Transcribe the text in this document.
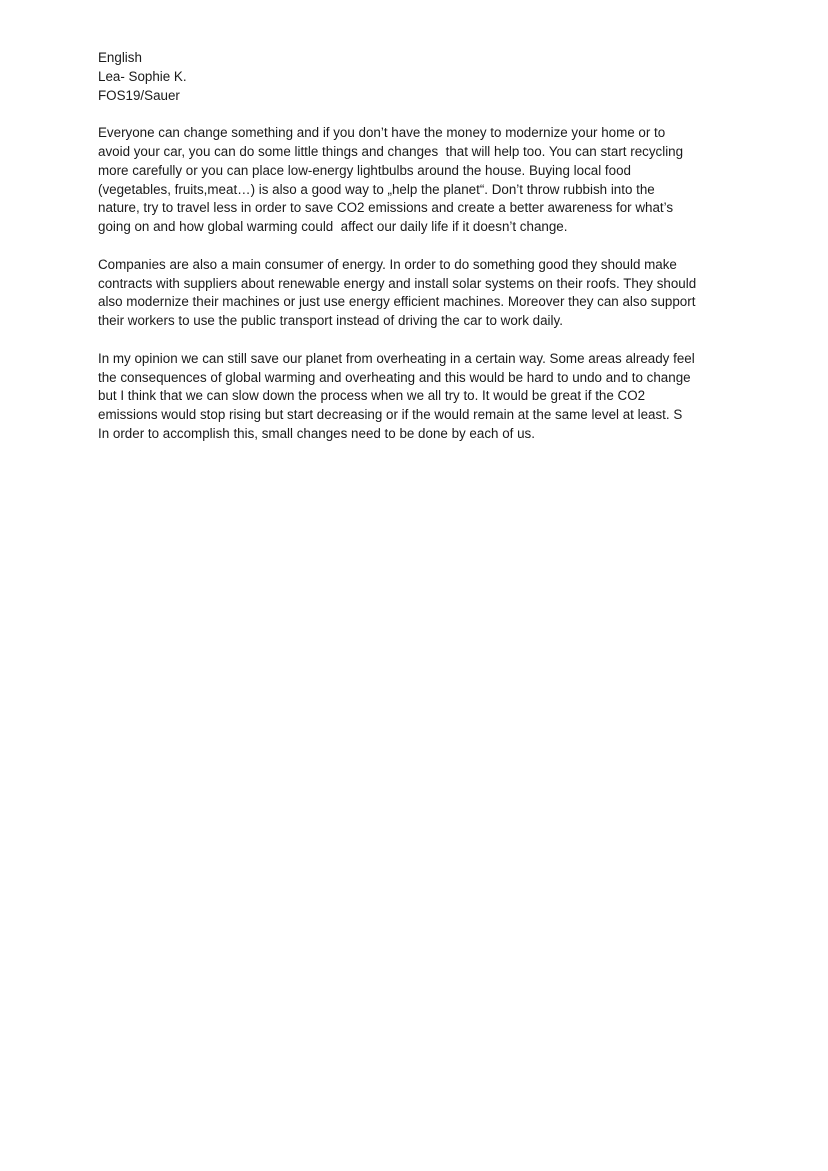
English
Lea- Sophie K.
FOS19/Sauer

Everyone can change something and if you don’t have the money to modernize your home or to
avoid your car, you can do some little things and changes  that will help too. You can start recycling
more carefully or you can place low-energy lightbulbs around the house. Buying local food
(vegetables, fruits,meat…) is also a good way to „help the planet“. Don’t throw rubbish into the
nature, try to travel less in order to save CO2 emissions and create a better awareness for what’s
going on and how global warming could  affect our daily life if it doesn’t change.

Companies are also a main consumer of energy. In order to do something good they should make
contracts with suppliers about renewable energy and install solar systems on their roofs. They should
also modernize their machines or just use energy efficient machines. Moreover they can also support
their workers to use the public transport instead of driving the car to work daily.

In my opinion we can still save our planet from overheating in a certain way. Some areas already feel
the consequences of global warming and overheating and this would be hard to undo and to change
but I think that we can slow down the process when we all try to. It would be great if the CO2
emissions would stop rising but start decreasing or if the would remain at the same level at least. S
In order to accomplish this, small changes need to be done by each of us.
